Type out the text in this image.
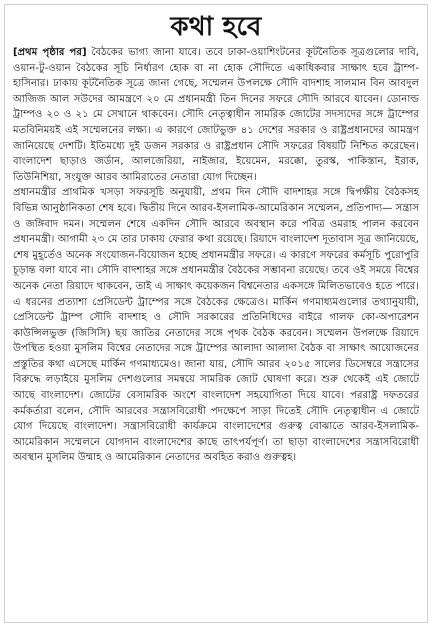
কথা হবে

[প্রথম পৃষ্ঠার পর] বৈঠকের ভাগ্য জানা যাবে। তবে ঢাকা-ওয়াশিংটনের কূটনৈতিক সূত্রগুলোর দাবি, ওয়ান-টু-ওয়ান বৈঠকের সূচি নির্ধারণ হোক বা না হোক সৌদিতে একাধিকবার সাক্ষাৎ হবে ট্রাম্প-হাসিনার। ঢাকায় কূটনৈতিক সূত্রে জানা গেছে, সম্মেলন উপলক্ষে সৌদি বাদশাহ সালমান বিন আবদুল আজিজ আল সউদের আমন্ত্রণে ২০ মে প্রধানমন্ত্রী তিন দিনের সফরে সৌদি আরবে যাবেন। ডোনাল্ড ট্রাম্পও ২০ ও ২১ মে সেখানে থাকবেন। সৌদি নেতৃত্বাধীন সামরিক জোটের সদস্যদের সঙ্গে ট্রাম্পের মতবিনিময়ই এই সম্মেলনের লক্ষ্য। এ কারণে জোটভুক্ত ৪১ দেশের সরকার ও রাষ্ট্রপ্রধানদের আমন্ত্রণ জানিয়েছে দেশটি। ইতিমধ্যে দুই ডজন সরকার ও রাষ্ট্রপ্রধান সৌদি সফরের বিষয়টি নিশ্চিত করেছেন। বাংলাদেশ ছাড়াও জর্ডান, আলজেরিয়া, নাইজার, ইয়েমেন, মরক্কো, তুরস্ক, পাকিস্তান, ইরাক, তিউনিশিয়া, সংযুক্ত আরব আমিরাতের নেতারা যোগ দিচ্ছেন।

প্রধানমন্ত্রীর প্রাথমিক খসড়া সফরসূচি অনুযায়ী, প্রথম দিন সৌদি বাদশাহর সঙ্গে দ্বিপক্ষীয় বৈঠকসহ বিভিন্ন আনুষ্ঠানিকতা শেষ হবে। দ্বিতীয় দিনে আরব-ইসলামিক-আমেরিকান সম্মেলন, প্রতিপাদ্য— সন্ত্রাস ও জঙ্গিবাদ দমন। সম্মেলন শেষে একদিন সৌদি আরবে অবস্থান করে পবিত্র ওমরাহ পালন করবেন প্রধানমন্ত্রী। আগামী ২৩ মে তার ঢাকায় ফেরার কথা রয়েছে। রিয়াদে বাংলাদেশ দূতাবাস সূত্র জানিয়েছে, শেষ মুহূর্তেও অনেক সংযোজন-বিয়োজন হচ্ছে প্রধানমন্ত্রীর সফরে। এ কারণে সফরের কর্মসূচি পুরোপুরি চূড়ান্ত বলা যাবে না। সৌদি বাদশাহর সঙ্গে প্রধানমন্ত্রীর বৈঠকের সম্ভাবনা রয়েছে। তবে ওই সময়ে বিশ্বের অনেক নেতা রিয়াদে থাকবেন, তাই এ সাক্ষাৎ কয়েকজন বিশ্বনেতার একসঙ্গে মিলিতভাবেও হতে পারে। এ ধরনের প্রত্যাশা প্রেসিডেন্ট ট্রাম্পের সঙ্গে বৈঠকের ক্ষেত্রেও। মার্কিন গণমাধ্যমগুলোর তথ্যানুযায়ী, প্রেসিডেন্ট ট্রাম্প সৌদি বাদশাহ ও সৌদি সরকারের প্রতিনিধিদের বাইরে গালফ কো-অপারেশন কাউন্সিলভুক্ত (জিসিসি) ছয় জাতির নেতাদের সঙ্গে পৃথক বৈঠক করবেন। সম্মেলন উপলক্ষে রিয়াদে উপস্থিত হওয়া মুসলিম বিশ্বের নেতাদের সঙ্গে ট্রাম্পের আলাদা আলাদা বৈঠক বা সাক্ষাৎ আয়োজনের প্রস্তুতির কথা এসেছে মার্কিন গণমাধ্যমেও। জানা যায়, সৌদি আরব ২০১৫ সালের ডিসেম্বরে সন্ত্রাসের বিরুদ্ধে লড়াইয়ে মুসলিম দেশগুলোর সমন্বয়ে সামরিক জোট ঘোষণা করে। শুরু থেকেই এই জোটে আছে বাংলাদেশ। জোটের বেসামরিক অংশে বাংলাদেশ সহযোগিতা দিয়ে যাবে। পররাষ্ট্র দফতরের কর্মকর্তারা বলেন, সৌদি আরবের সন্ত্রাসবিরোধী পদক্ষেপে সাড়া দিতেই সৌদি নেতৃত্বাধীন এ জোটে যোগ দিয়েছে বাংলাদেশ। সন্ত্রাসবিরোধী কার্যক্রমে বাংলাদেশের গুরুত্ব বোঝাতে আরব-ইসলামিক-আমেরিকান সম্মেলনে যোগদান বাংলাদেশের কাছে তাৎপর্যপূর্ণ। তা ছাড়া বাংলাদেশের সন্ত্রাসবিরোধী অবস্থান মুসলিম উম্মাহ ও আমেরিকান নেতাদের অবহিত করাও গুরুত্বহ।
